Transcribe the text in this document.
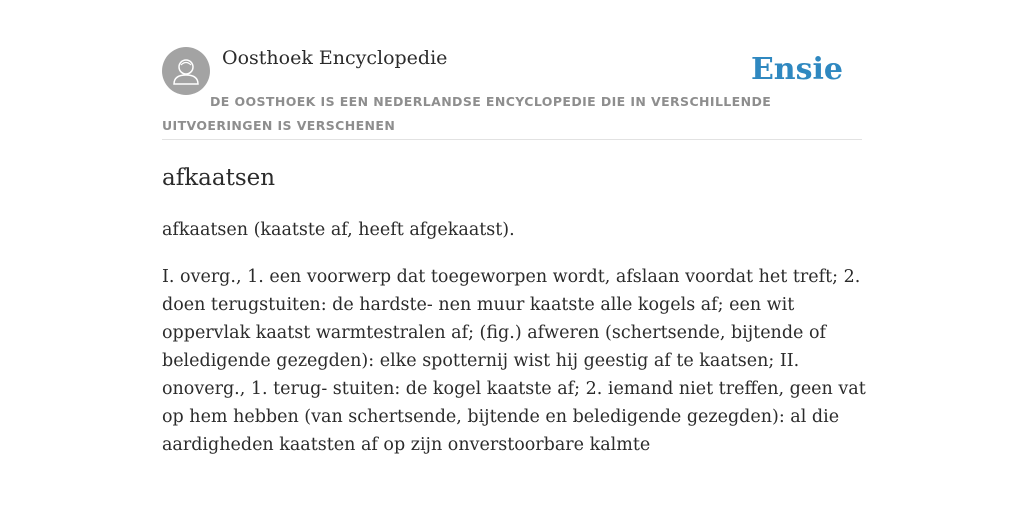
Oosthoek Encyclopedie	Ensie
DE OOSTHOEK IS EEN NEDERLANDSE ENCYCLOPEDIE DIE IN VERSCHILLENDE UITVOERINGEN IS VERSCHENEN
afkaatsen

afkaatsen (kaatste af, heeft afgekaatst).

I. overg., 1. een voorwerp dat toegeworpen wordt, afslaan voordat het treft; 2. doen terugstuiten: de hardste- nen muur kaatste alle kogels af; een wit oppervlak kaatst warmtestralen af; (fig.) afweren (schertsende, bijtende of beledigende gezegden): elke spotternij wist hij geestig af te kaatsen; II. onoverg., 1. terug- stuiten: de kogel kaatste af; 2. iemand niet treffen, geen vat op hem hebben (van schertsende, bijtende en beledigende gezegden): al die aardigheden kaatsten af op zijn onverstoorbare kalmte
